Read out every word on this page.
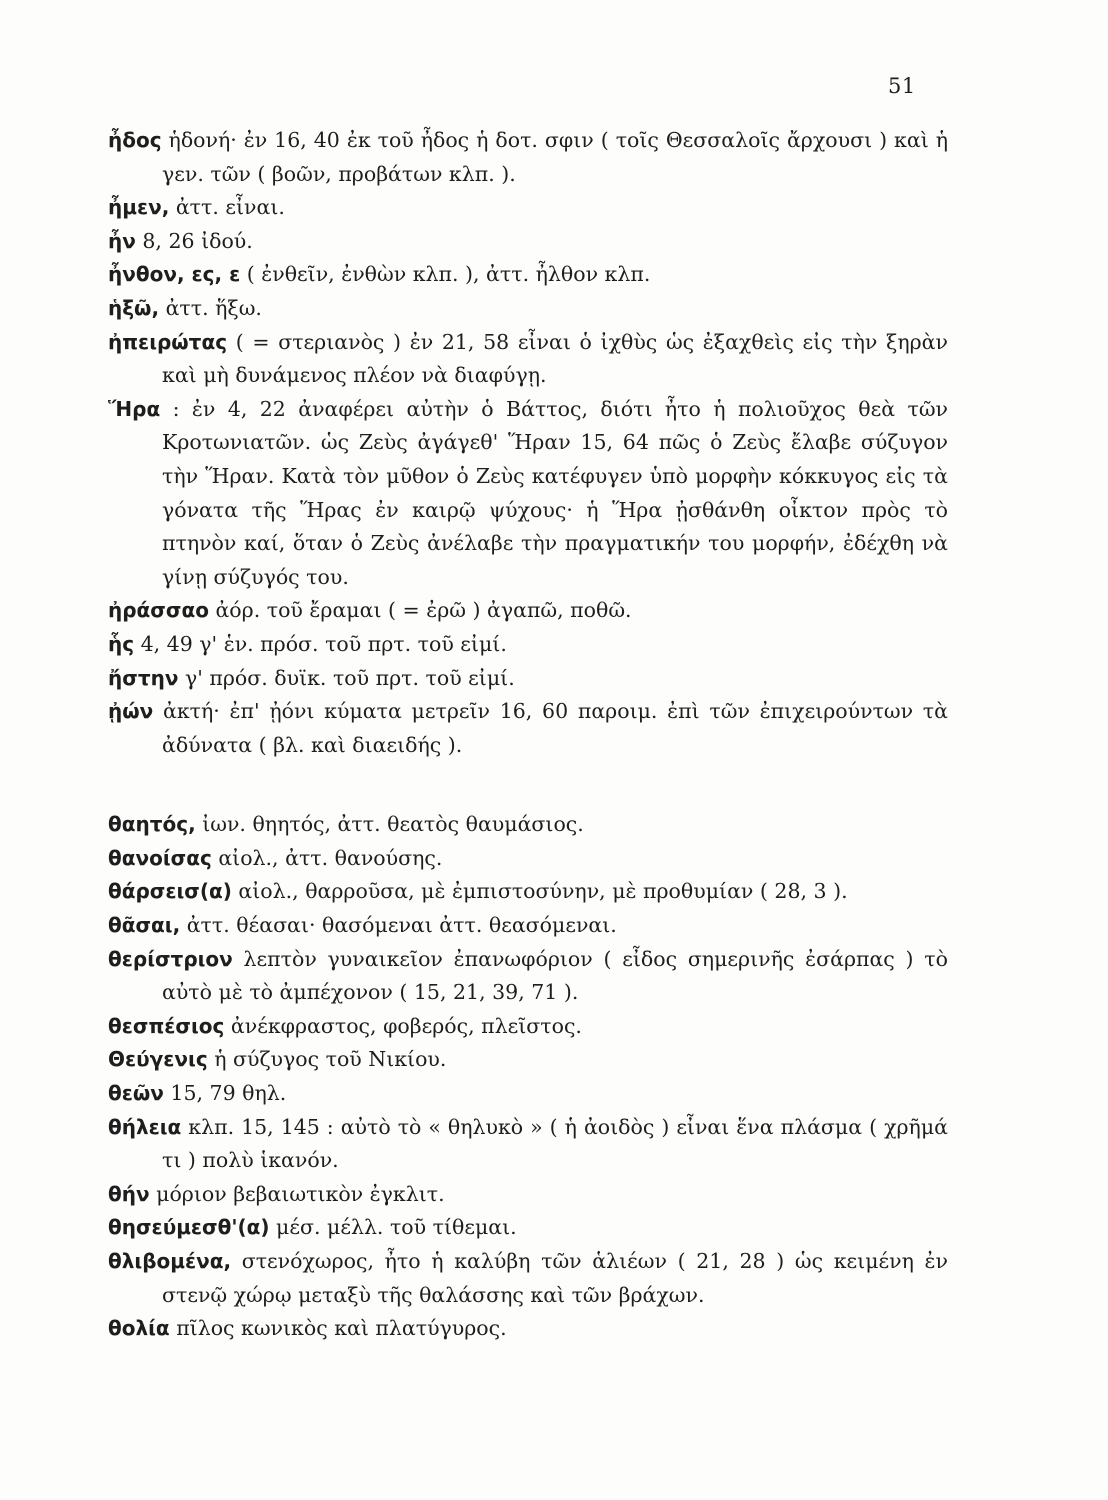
51

ἦδος ἡδονή· ἐν 16, 40 ἐκ τοῦ ἦδος ἡ δοτ. σφιν ( τοῖς Θεσσαλοῖς ἄρχουσι ) καὶ ἡ γεν. τῶν ( βοῶν, προβάτων κλπ. ).

ἦμεν, ἀττ. εἶναι.

ἦν 8, 26 ἰδού.

ἦνθον, ες, ε ( ἐνθεῖν, ἐνθὼν κλπ. ), ἀττ. ἦλθον κλπ.

ἡξῶ, ἀττ. ἥξω.

ἠπειρώτας ( = στεριανὸς ) ἐν 21, 58 εἶναι ὁ ἰχθὺς ὡς ἐξαχθεὶς εἰς τὴν ξηρὰν καὶ μὴ δυνάμενος πλέον νὰ διαφύγῃ.

Ἥρα : ἐν 4, 22 ἀναφέρει αὐτὴν ὁ Βάττος, διότι ἦτο ἡ πολιοῦχος θεὰ τῶν Κροτωνιατῶν. ὡς Ζεὺς ἀγάγεθ' Ἥραν 15, 64 πῶς ὁ Ζεὺς ἔλαβε σύζυγον τὴν Ἥραν. Κατὰ τὸν μῦθον ὁ Ζεὺς κατέφυγεν ὑπὸ μορφὴν κόκκυγος εἰς τὰ γόνατα τῆς Ἥρας ἐν καιρῷ ψύχους· ἡ Ἥρα ᾐσθάνθη οἶκτον πρὸς τὸ πτηνὸν καί, ὅταν ὁ Ζεὺς ἀνέλαβε τὴν πραγματικήν του μορφήν, ἐδέχθη νὰ γίνῃ σύζυγός του.

ἠράσσαο ἀόρ. τοῦ ἔραμαι ( = ἐρῶ ) ἀγαπῶ, ποθῶ.

ἧς 4, 49 γ' ἑν. πρόσ. τοῦ πρτ. τοῦ εἰμί.

ἤστην γ' πρόσ. δυϊκ. τοῦ πρτ. τοῦ εἰμί.

ᾐών ἀκτή· ἐπ' ᾐόνι κύματα μετρεῖν 16, 60 παροιμ. ἐπὶ τῶν ἐπιχειρούντων τὰ ἀδύνατα ( βλ. καὶ διαειδής ).

θαητός, ἰων. θηητός, ἀττ. θεατὸς θαυμάσιος.

θανοίσας αἰολ., ἀττ. θανούσης.

θάρσεισ(α) αἰολ., θαρροῦσα, μὲ ἐμπιστοσύνην, μὲ προθυμίαν ( 28, 3 ).

θᾶσαι, ἀττ. θέασαι· θασόμεναι ἀττ. θεασόμεναι.

θερίστριον λεπτὸν γυναικεῖον ἐπανωφόριον ( εἶδος σημερινῆς ἐσάρπας ) τὸ αὐτὸ μὲ τὸ ἀμπέχονον ( 15, 21, 39, 71 ).

θεσπέσιος ἀνέκφραστος, φοβερός, πλεῖστος.

Θεύγενις ἡ σύζυγος τοῦ Νικίου.

θεῶν 15, 79 θηλ.

θήλεια κλπ. 15, 145 : αὐτὸ τὸ « θηλυκὸ » ( ἡ ἀοιδὸς ) εἶναι ἕνα πλάσμα ( χρῆμά τι ) πολὺ ἱκανόν.

θήν μόριον βεβαιωτικὸν ἐγκλιτ.

θησεύμεσθ'(α) μέσ. μέλλ. τοῦ τίθεμαι.

θλιβομένα, στενόχωρος, ἦτο ἡ καλύβη τῶν ἁλιέων ( 21, 28 ) ὡς κειμένη ἐν στενῷ χώρῳ μεταξὺ τῆς θαλάσσης καὶ τῶν βράχων.

θολία πῖλος κωνικὸς καὶ πλατύγυρος.
